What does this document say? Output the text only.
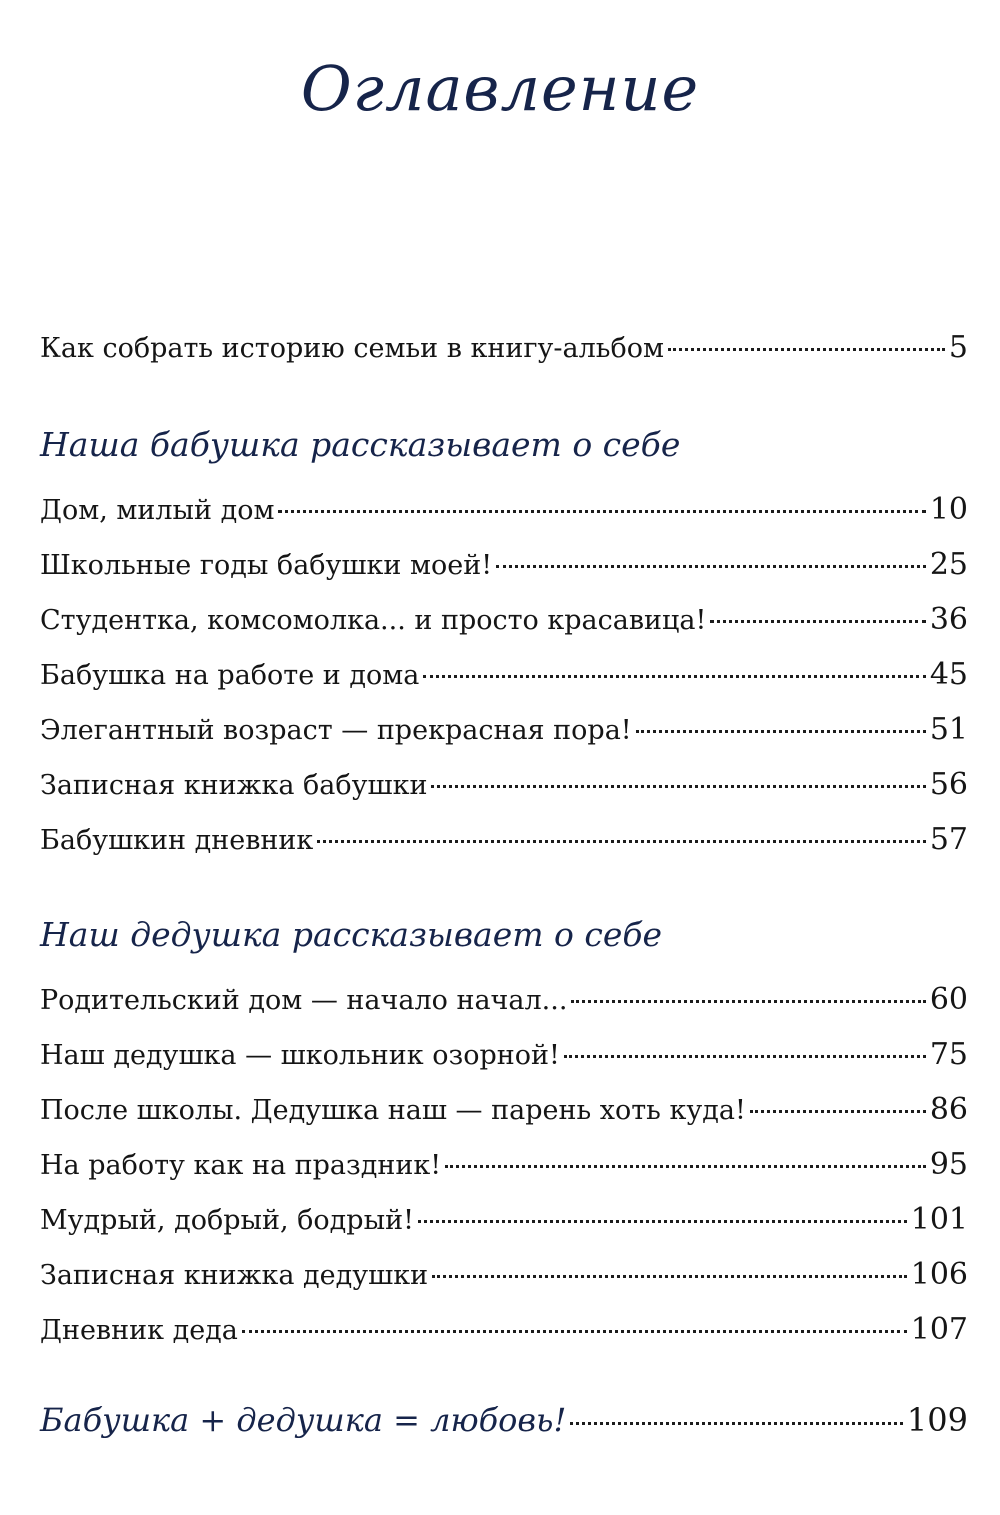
Оглавление
Как собрать историю семьи в книгу-альбом	5
Наша бабушка рассказывает о себе
Дом, милый дом	10
Школьные годы бабушки моей!	25
Студентка, комсомолка... и просто красавица!	36
Бабушка на работе и дома	45
Элегантный возраст — прекрасная пора!	51
Записная книжка бабушки	56
Бабушкин дневник	57
Наш дедушка рассказывает о себе
Родительский дом — начало начал...	60
Наш дедушка — школьник озорной!	75
После школы. Дедушка наш — парень хоть куда!	86
На работу как на праздник!	95
Мудрый, добрый, бодрый!	101
Записная книжка дедушки	106
Дневник деда	107
Бабушка + дедушка = любовь!	109
